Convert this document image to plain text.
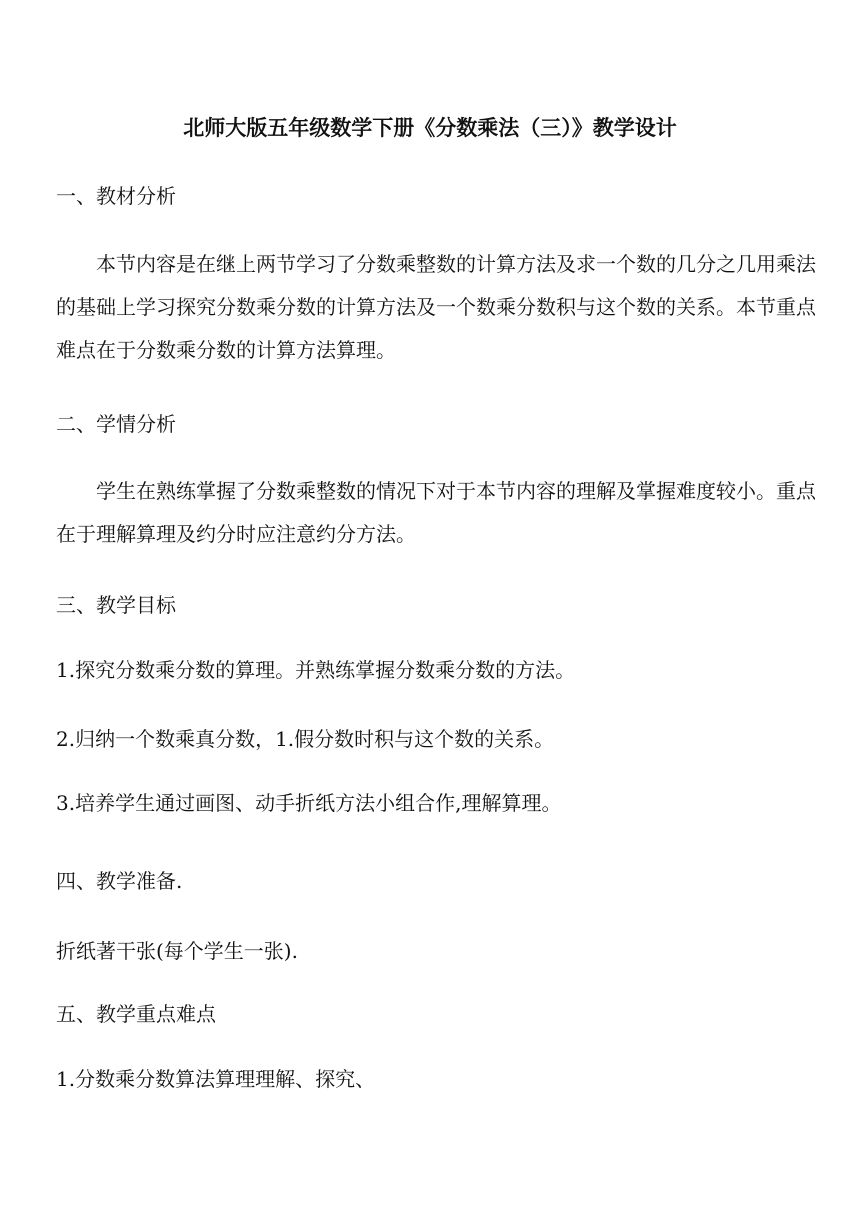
北师大版五年级数学下册《分数乘法（三）》教学设计
一、教材分析
本节内容是在继上两节学习了分数乘整数的计算方法及求一个数的几分之几用乘法的基础上学习探究分数乘分数的计算方法及一个数乘分数积与这个数的关系。本节重点难点在于分数乘分数的计算方法算理。
二、学情分析
学生在熟练掌握了分数乘整数的情况下对于本节内容的理解及掌握难度较小。重点在于理解算理及约分时应注意约分方法。
三、教学目标
1.探究分数乘分数的算理。并熟练掌握分数乘分数的方法。
2.归纳一个数乘真分数，1.假分数时积与这个数的关系。
3.培养学生通过画图、动手折纸方法小组合作,理解算理。
四、教学准备.
折纸著干张(每个学生一张).
五、教学重点难点
1.分数乘分数算法算理理解、探究、
